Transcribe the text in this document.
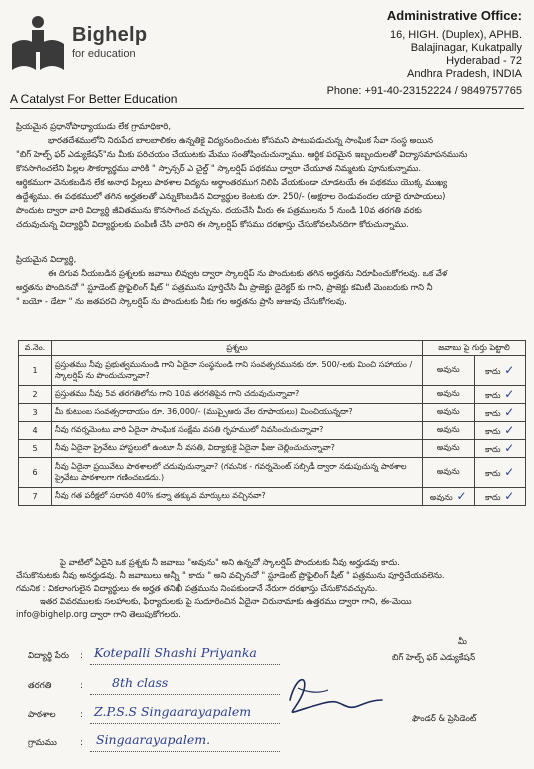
Bighelp
for education
A Catalyst For Better Education
Administrative Office:
16, HIGH. (Duplex), APHB.
Balajinagar, Kukatpally
Hyderabad - 72
Andhra Pradesh, INDIA
Phone: +91-40-23152224 / 9849757765
ప్రియమైన ప్రధానోపాధ్యాయుడు లేక గ్రామాధికారి,
భారతదేశములోని నిరుపేద బాలబాలికల ఉన్నతికై విద్యనందించుట కోసమని పాటుపడుచున్న సాంఘిక సేవా సంస్థ అయిన
"బిగ్ హెల్ప్ ఫర్ ఎడ్యుకేషన్"ను మీకు పరిచయం చేయుటకు మేము సంతోషించుచున్నాము. ఆర్థిక పరమైన ఇబ్బందులతో విద్యాసమాపనమును
కొనసాగించలేని పిల్లల సౌకర్యార్థము వారికి " స్పాన్సర్ ఎ చైల్డ్ " స్కాలర్షిప్ పథకము ద్వారా చేయూత నిమ్మటకు పూనుకున్నాము.
ఆర్థికముగా వెనుకబడిన లేక అనాధ పిల్లలు పాఠశాల విద్యను అర్థాంతరముగ నిలిపి వేయకుండా చూడటయే ఈ పథకము యొక్క ముఖ్య
ఉద్దేశ్యము. ఈ పథకములో తగిన అర్హతలతో ఎన్నుకొంబడిన విద్యార్థుల కెంటకు రూ. 250/- (అక్షరాల రెండువందల యాభై రూపాయలు)
పొందుట ద్వారా వారి విద్యార్థి జీవితమును కొనసాగించ వచ్చును. దయచేసి మీరు ఈ పత్రములను 5 నుండి 10వ తరగతి వరకు
చదువుచున్న విద్యార్థినీ విద్యార్థులకు పంపిణీ చేసి వారిని ఈ స్కాలర్షిప్ కోసము దరఖాస్తు చేసుకోవలసినదిగా కోరుచున్నాము.
ప్రియమైన విద్యార్థి,
ఈ దిగువ నీయబడిన ప్రశ్నలకు జవాబు లివ్వుట ద్వారా స్కాలర్షిప్ ను పొందుటకు తగిన అర్హతను నిరూపించుకోగలవు. ఒక వేళ
అర్హతను పొందినచో " స్టూడెంట్ ప్రొఫైలింగ్ షీట్ " పత్రమును పూర్తిచేసి మీ ప్రాజెక్టు డైరెక్టర్ కు గాని, ప్రాజెక్టు కమిటీ మెంబరుకు గాని నీ
" బయో - డేటా " ను జతపరచి స్కాలర్షిప్ ను పొందుటకు నీకు గల అర్హతను ప్రాసి జుజువు చేసుకోగలవు.
వ.నెం.	ప్రశ్నలు	జవాబు పై గుర్తు పెట్టాలి	
1	ప్రస్తుతము నీవు ప్రభుత్వమునుండి గాని ఏదైనా సంస్థనుండి గాని సంవత్సరమునకు రూ. 500/-లకు మించి సహాయం / స్కాలర్షిప్ ను పొందుచున్నావా?	అవును	కాదు ✓
2	ప్రస్తుతము నీవు 5వ తరగతిలోను గాని 10వ తరగతిపైన గాని చదువుచున్నావా?	అవును	కాదు ✓
3	మీ కుటుంబ సంవత్సరాదాయం రూ. 36,000/- (ముప్పైఆరు వేల రూపాయలు) మించియున్నదా?	అవును	కాదు ✓
4	నీవు గవర్నమెంటు వారి ఏదైనా సాంఘిక సంక్షేమ వసతి గృహములో నివసించుచున్నావా?	అవును	కాదు ✓
5	నీవు ఏదైనా ప్రైవేటు హాస్టలులో ఉంటూ నీ వసతి, విద్యాకుకై ఏదైనా ఫీజు చెల్లించుచున్నావా?	అవును	కాదు ✓
6	నీవు ఏదైనా ప్రయివేటు పాఠశాలలో చదువుచున్నావా? (గమనిక - గవర్నమెంట్ సబ్సిడీ ద్వారా నడుపుచున్న పాఠశాల ప్రైవేటు పాఠశాలగా గణించబడదు.)	అవును	కాదు ✓
7	నీవు గత పరీక్షలో సరాసరి 40% కన్నా తక్కువ మార్కులు వచ్చినవా?	అవును ✓	కాదు ✓
పై వాటిలో ఏదైని ఒక ప్రశ్నకు నీ జవాబు "అవును" అని ఉన్నచో స్కాలర్షిప్ పొందుటకు నీవు అర్హుడవు కాదు.
చేసుకొనుటకు నీవు అనర్హుడవు. నీ జవాబులు అన్నీ " కాదు " అని వచ్చినచో " స్టూడెంట్ ప్రొఫైలింగ్ షీట్ " పత్రమును పూర్తిచేయవలెను.
గమనిక : వికలాంగులైన విద్యార్థులు ఈ అర్హత తనిఖీ పత్రమును నింపకుండానే నేరుగా దరఖాస్తు చేసుకొనవచ్చును.
ఇతర వివరములకు సలహాలకు, ఫిర్యాదులకు పై సుదూరించిన ఏదైనా చిరునామాకు ఉత్తరము ద్వారా గాని, ఈ-మెయి
info@bighelp.org ద్వారా గాని తెలుపుకోగలరు.
విద్యార్థి పేరు : Kotepalli Shashi Priyanka
తరగతి	: 8th class
పాఠశాల	: Z.P.S.S Singaarayapalem
గ్రామము	: Singaarayapalem.
మీ
బిగ్ హెల్ప్ ఫర్ ఎడ్యుకేషన్
ఫౌండర్ & ప్రెసిడెంట్
